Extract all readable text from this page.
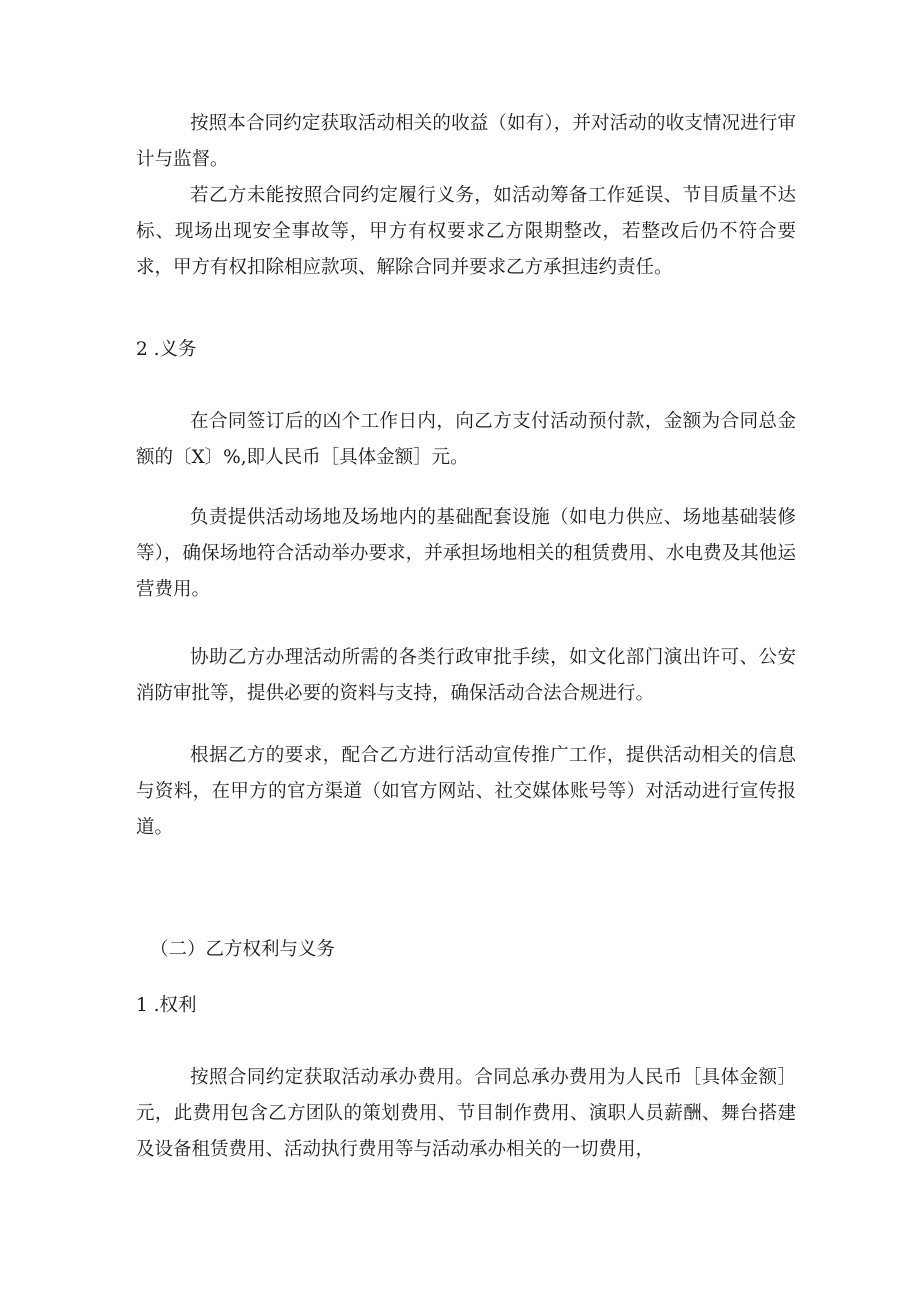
按照本合同约定获取活动相关的收益（如有），并对活动的收支情况进行审计与监督。

若乙方未能按照合同约定履行义务，如活动筹备工作延误、节目质量不达标、现场出现安全事故等，甲方有权要求乙方限期整改，若整改后仍不符合要求，甲方有权扣除相应款项、解除合同并要求乙方承担违约责任。

2 .义务

在合同签订后的凶个工作日内，向乙方支付活动预付款，金额为合同总金额的〔X〕%,即人民币［具体金额］元。

负责提供活动场地及场地内的基础配套设施（如电力供应、场地基础装修等），确保场地符合活动举办要求，并承担场地相关的租赁费用、水电费及其他运营费用。

协助乙方办理活动所需的各类行政审批手续，如文化部门演出许可、公安消防审批等，提供必要的资料与支持，确保活动合法合规进行。

根据乙方的要求，配合乙方进行活动宣传推广工作，提供活动相关的信息与资料，在甲方的官方渠道（如官方网站、社交媒体账号等）对活动进行宣传报道。

（二）乙方权利与义务

1 .权利

按照合同约定获取活动承办费用。合同总承办费用为人民币［具体金额］元，此费用包含乙方团队的策划费用、节目制作费用、演职人员薪酬、舞台搭建及设备租赁费用、活动执行费用等与活动承办相关的一切费用，
